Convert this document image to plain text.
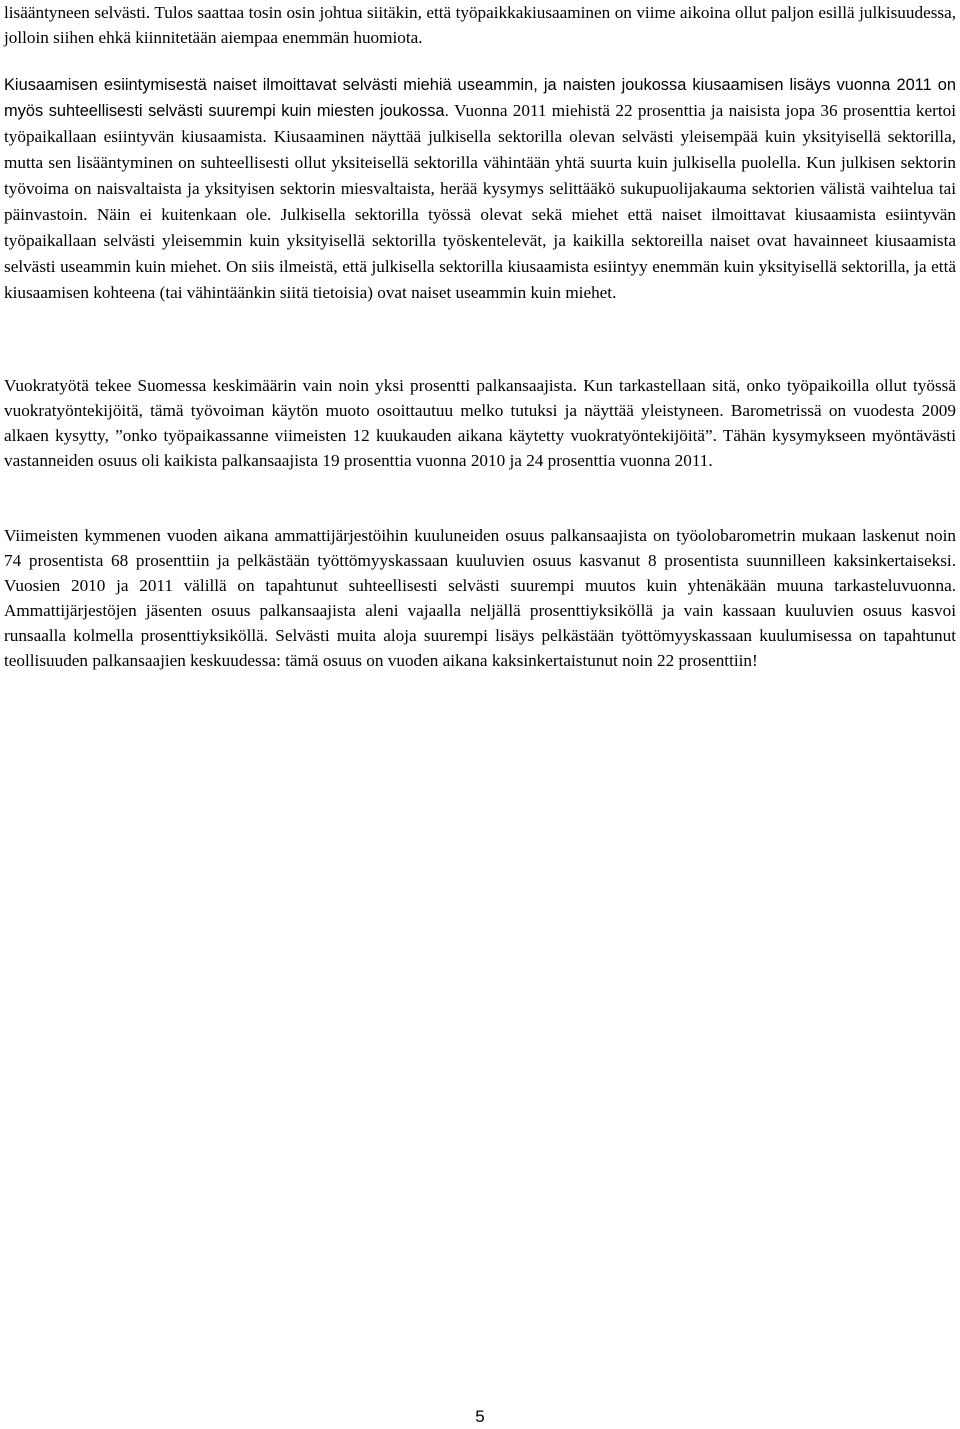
lisääntyneen selvästi. Tulos saattaa tosin osin johtua siitäkin, että työpaikkakiusaaminen on viime aikoina ollut paljon esillä julkisuudessa, jolloin siihen ehkä kiinnitetään aiempaa enemmän huomiota.

Kiusaamisen esiintymisestä naiset ilmoittavat selvästi miehiä useammin, ja naisten joukossa kiusaamisen lisäys vuonna 2011 on myös suhteellisesti selvästi suurempi kuin miesten joukossa. Vuonna 2011 miehistä 22 prosenttia ja naisista jopa 36 prosenttia kertoi työpaikallaan esiintyvän kiusaamista. Kiusaaminen näyttää julkisella sektorilla olevan selvästi yleisempää kuin yksityisellä sektorilla, mutta sen lisääntyminen on suhteellisesti ollut yksiteisellä sektorilla vähintään yhtä suurta kuin julkisella puolella. Kun julkisen sektorin työvoima on naisvaltaista ja yksityisen sektorin miesvaltaista, herää kysymys selittääkö sukupuolijakauma sektorien välistä vaihtelua tai päinvastoin. Näin ei kuitenkaan ole. Julkisella sektorilla työssä olevat sekä miehet että naiset ilmoittavat kiusaamista esiintyvän työpaikallaan selvästi yleisemmin kuin yksityisellä sektorilla työskentelevät, ja kaikilla sektoreilla naiset ovat havainneet kiusaamista selvästi useammin kuin miehet. On siis ilmeistä, että julkisella sektorilla kiusaamista esiintyy enemmän kuin yksityisellä sektorilla, ja että kiusaamisen kohteena (tai vähintäänkin siitä tietoisia) ovat naiset useammin kuin miehet.

Vuokratyötä tekee Suomessa keskimäärin vain noin yksi prosentti palkansaajista. Kun tarkastellaan sitä, onko työpaikoilla ollut työssä vuokratyöntekijöitä, tämä työvoiman käytön muoto osoittautuu melko tutuksi ja näyttää yleistyneen. Barometrissä on vuodesta 2009 alkaen kysytty, ”onko työpaikassanne viimeisten 12 kuukauden aikana käytetty vuokratyöntekijöitä”. Tähän kysymykseen myöntävästi vastanneiden osuus oli kaikista palkansaajista 19 prosenttia vuonna 2010 ja 24 prosenttia vuonna 2011.

Viimeisten kymmenen vuoden aikana ammattijärjestöihin kuuluneiden osuus palkansaajista on työolobarometrin mukaan laskenut noin 74 prosentista 68 prosenttiin ja pelkästään työttömyyskassaan kuuluvien osuus kasvanut 8 prosentista suunnilleen kaksinkertaiseksi. Vuosien 2010 ja 2011 välillä on tapahtunut suhteellisesti selvästi suurempi muutos kuin yhtenäkään muuna tarkasteluvuonna. Ammattijärjestöjen jäsenten osuus palkansaajista aleni vajaalla neljällä prosenttiyksiköllä ja vain kassaan kuuluvien osuus kasvoi runsaalla kolmella prosenttiyksiköllä. Selvästi muita aloja suurempi lisäys pelkästään työttömyyskassaan kuulumisessa on tapahtunut teollisuuden palkansaajien keskuudessa: tämä osuus on vuoden aikana kaksinkertaistunut noin 22 prosenttiin!

5
